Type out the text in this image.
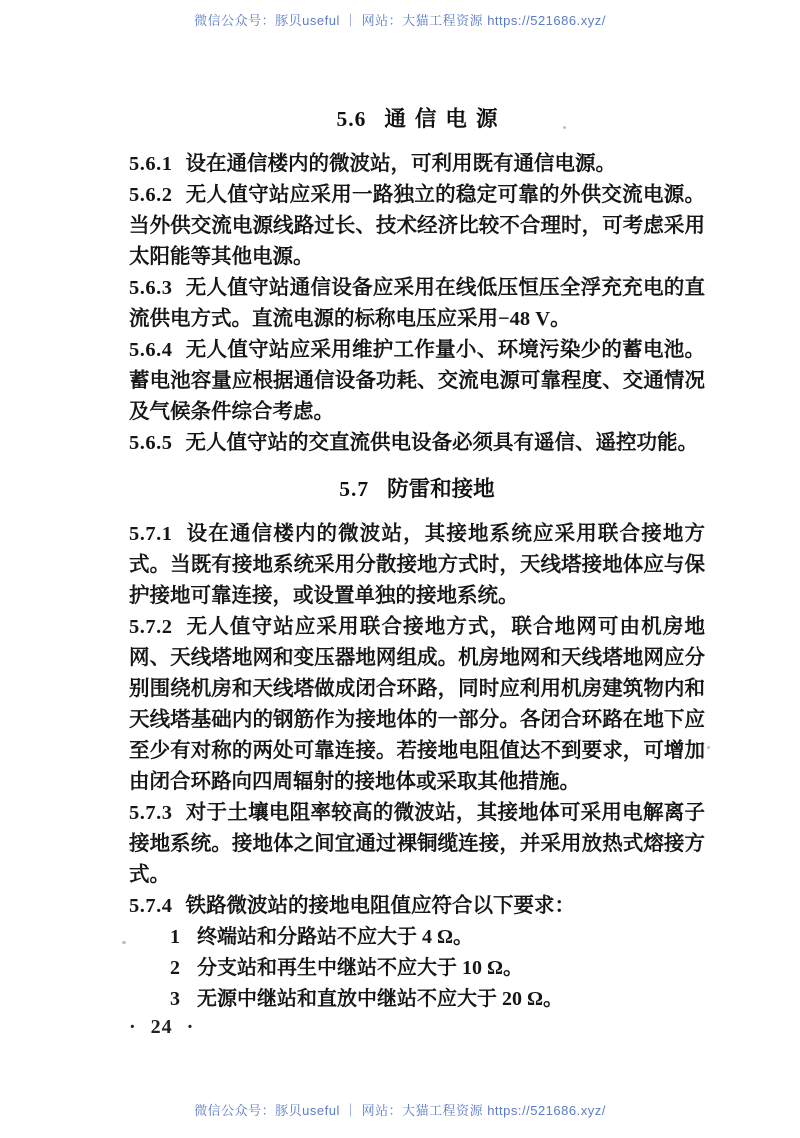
微信公众号：豚贝useful ｜ 网站：大猫工程资源 https://521686.xyz/
5.6 通信电源

5.6.1 设在通信楼内的微波站，可利用既有通信电源。

5.6.2 无人值守站应采用一路独立的稳定可靠的外供交流电源。当外供交流电源线路过长、技术经济比较不合理时，可考虑采用太阳能等其他电源。

5.6.3 无人值守站通信设备应采用在线低压恒压全浮充充电的直流供电方式。直流电源的标称电压应采用−48 V。

5.6.4 无人值守站应采用维护工作量小、环境污染少的蓄电池。蓄电池容量应根据通信设备功耗、交流电源可靠程度、交通情况及气候条件综合考虑。

5.6.5 无人值守站的交直流供电设备必须具有遥信、遥控功能。

5.7 防雷和接地

5.7.1 设在通信楼内的微波站，其接地系统应采用联合接地方式。当既有接地系统采用分散接地方式时，天线塔接地体应与保护接地可靠连接，或设置单独的接地系统。

5.7.2 无人值守站应采用联合接地方式，联合地网可由机房地网、天线塔地网和变压器地网组成。机房地网和天线塔地网应分别围绕机房和天线塔做成闭合环路，同时应利用机房建筑物内和天线塔基础内的钢筋作为接地体的一部分。各闭合环路在地下应至少有对称的两处可靠连接。若接地电阻值达不到要求，可增加由闭合环路向四周辐射的接地体或采取其他措施。

5.7.3 对于土壤电阻率较高的微波站，其接地体可采用电解离子接地系统。接地体之间宜通过裸铜缆连接，并采用放热式熔接方式。

5.7.4 铁路微波站的接地电阻值应符合以下要求：

1 终端站和分路站不应大于 4 Ω。

2 分支站和再生中继站不应大于 10 Ω。

3 无源中继站和直放中继站不应大于 20 Ω。

· 24 ·
微信公众号：豚贝useful ｜ 网站：大猫工程资源 https://521686.xyz/
